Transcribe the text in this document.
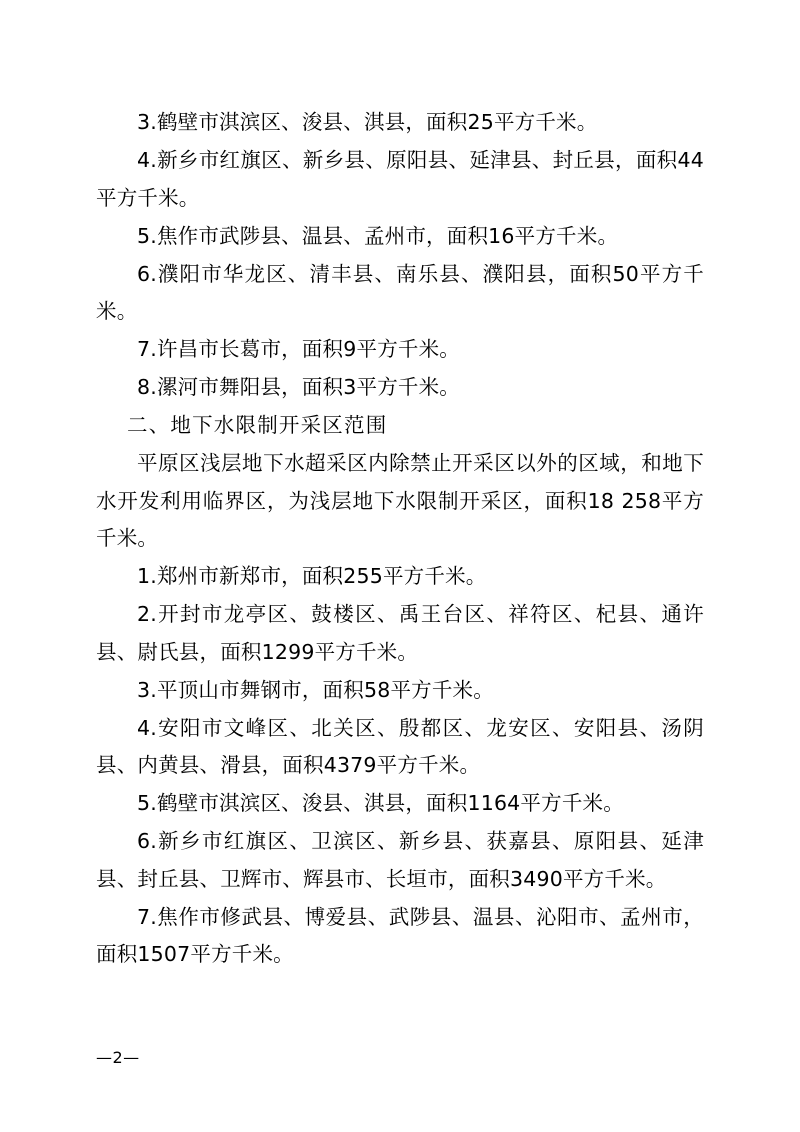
3.鹤壁市淇滨区、浚县、淇县，面积25平方千米。

4.新乡市红旗区、新乡县、原阳县、延津县、封丘县，面积44平方千米。

5.焦作市武陟县、温县、孟州市，面积16平方千米。

6.濮阳市华龙区、清丰县、南乐县、濮阳县，面积50平方千米。

7.许昌市长葛市，面积9平方千米。

8.漯河市舞阳县，面积3平方千米。

二、地下水限制开采区范围

平原区浅层地下水超采区内除禁止开采区以外的区域，和地下水开发利用临界区，为浅层地下水限制开采区，面积18 258平方千米。

1.郑州市新郑市，面积255平方千米。

2.开封市龙亭区、鼓楼区、禹王台区、祥符区、杞县、通许县、尉氏县，面积1299平方千米。

3.平顶山市舞钢市，面积58平方千米。

4.安阳市文峰区、北关区、殷都区、龙安区、安阳县、汤阴县、内黄县、滑县，面积4379平方千米。

5.鹤壁市淇滨区、浚县、淇县，面积1164平方千米。

6.新乡市红旗区、卫滨区、新乡县、获嘉县、原阳县、延津县、封丘县、卫辉市、辉县市、长垣市，面积3490平方千米。

7.焦作市修武县、博爱县、武陟县、温县、沁阳市、孟州市，面积1507平方千米。

—2—
